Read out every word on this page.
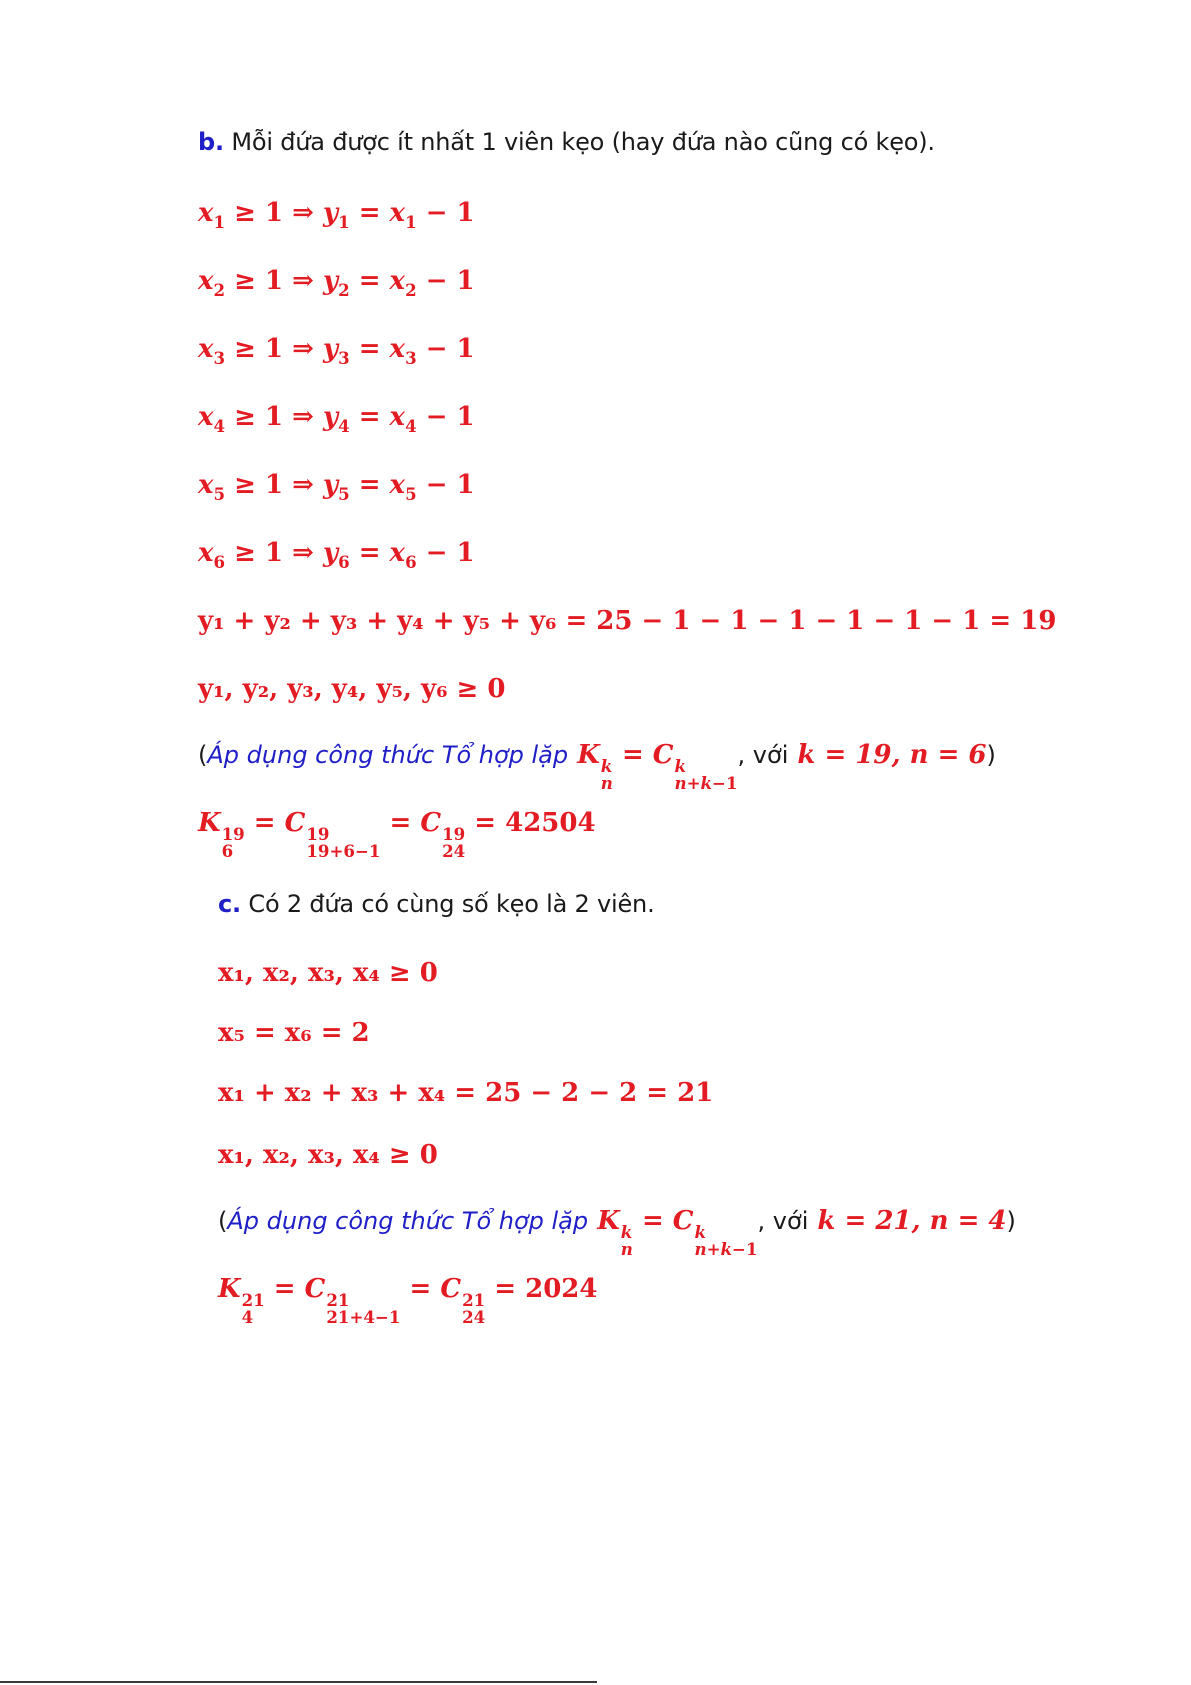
b. Mỗi đứa được ít nhất 1 viên kẹo (hay đứa nào cũng có kẹo).
$x_1 \ge 1$ ⇒ $y_1 = x_1 - 1$
$x_2 \ge 1$ ⇒ $y_2 = x_2 - 1$
$x_3 \ge 1$ ⇒ $y_3 = x_3 - 1$
$x_4 \ge 1$ ⇒ $y_4 = x_4 - 1$
$x_5 \ge 1$ ⇒ $y_5 = x_5 - 1$
$x_6 \ge 1$ ⇒ $y_6 = x_6 - 1$
y₁ + y₂ + y₃ + y₄ + y₅ + y₆ = 25 − 1 − 1 − 1 − 1 − 1 − 1 = 19
y₁, y₂, y₃, y₄, y₅, y₆ ≥ 0
(Áp dụng công thức Tổ hợp lặp K k
n
= C k
n+k−1
, với k = 19, n = 6)
K 19
6
= C 19
19+6−1
= C 19
24
= 42504
c. Có 2 đứa có cùng số kẹo là 2 viên.
x₁, x₂, x₃, x₄ ≥ 0
x₅ = x₆ = 2
x₁ + x₂ + x₃ + x₄ = 25 − 2 − 2 = 21
x₁, x₂, x₃, x₄ ≥ 0
(Áp dụng công thức Tổ hợp lặp K k
n
= C k
n+k−1
, với k = 21, n = 4)
K 21
4
= C 21
21+4−1
= C 21
24
= 2024
